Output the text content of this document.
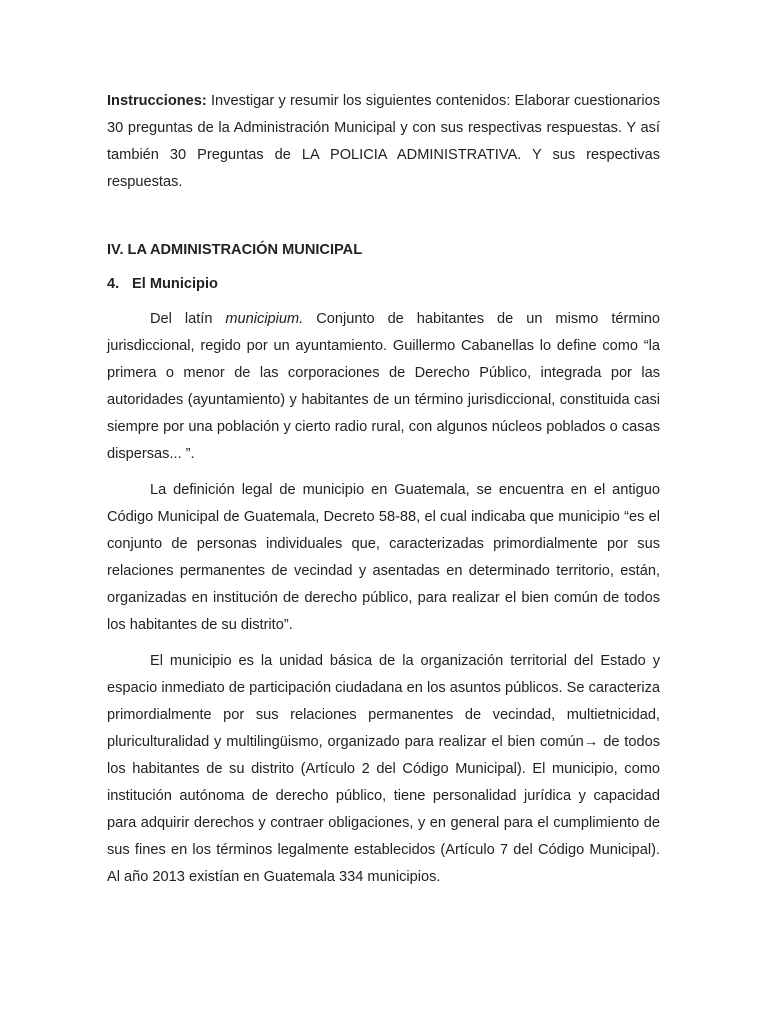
Instrucciones: Investigar y resumir los siguientes contenidos: Elaborar cuestionarios 30 preguntas de la Administración Municipal y con sus respectivas respuestas. Y así también 30 Preguntas de LA POLICIA ADMINISTRATIVA. Y sus respectivas respuestas.

IV. LA ADMINISTRACIÓN MUNICIPAL

4. El Municipio

Del latín municipium. Conjunto de habitantes de un mismo término jurisdiccional, regido por un ayuntamiento. Guillermo Cabanellas lo define como “la primera o menor de las corporaciones de Derecho Público, integrada por las autoridades (ayuntamiento) y habitantes de un término jurisdiccional, constituida casi siempre por una población y cierto radio rural, con algunos núcleos poblados o casas dispersas... ”.

La definición legal de municipio en Guatemala, se encuentra en el antiguo Código Municipal de Guatemala, Decreto 58-88, el cual indicaba que municipio “es el conjunto de personas individuales que, caracterizadas primordialmente por sus relaciones permanentes de vecindad y asentadas en determinado territorio, están, organizadas en institución de derecho público, para realizar el bien común de todos los habitantes de su distrito”.

El municipio es la unidad básica de la organización territorial del Estado y espacio inmediato de participación ciudadana en los asuntos públicos. Se caracteriza primordialmente por sus relaciones permanentes de vecindad, multietnicidad, pluriculturalidad y multilingüismo, organizado para realizar el bien común→ de todos los habitantes de su distrito (Artículo 2 del Código Municipal). El municipio, como institución autónoma de derecho público, tiene personalidad jurídica y capacidad para adquirir derechos y contraer obligaciones, y en general para el cumplimiento de sus fines en los términos legalmente establecidos (Artículo 7 del Código Municipal). Al año 2013 existían en Guatemala 334 municipios.
